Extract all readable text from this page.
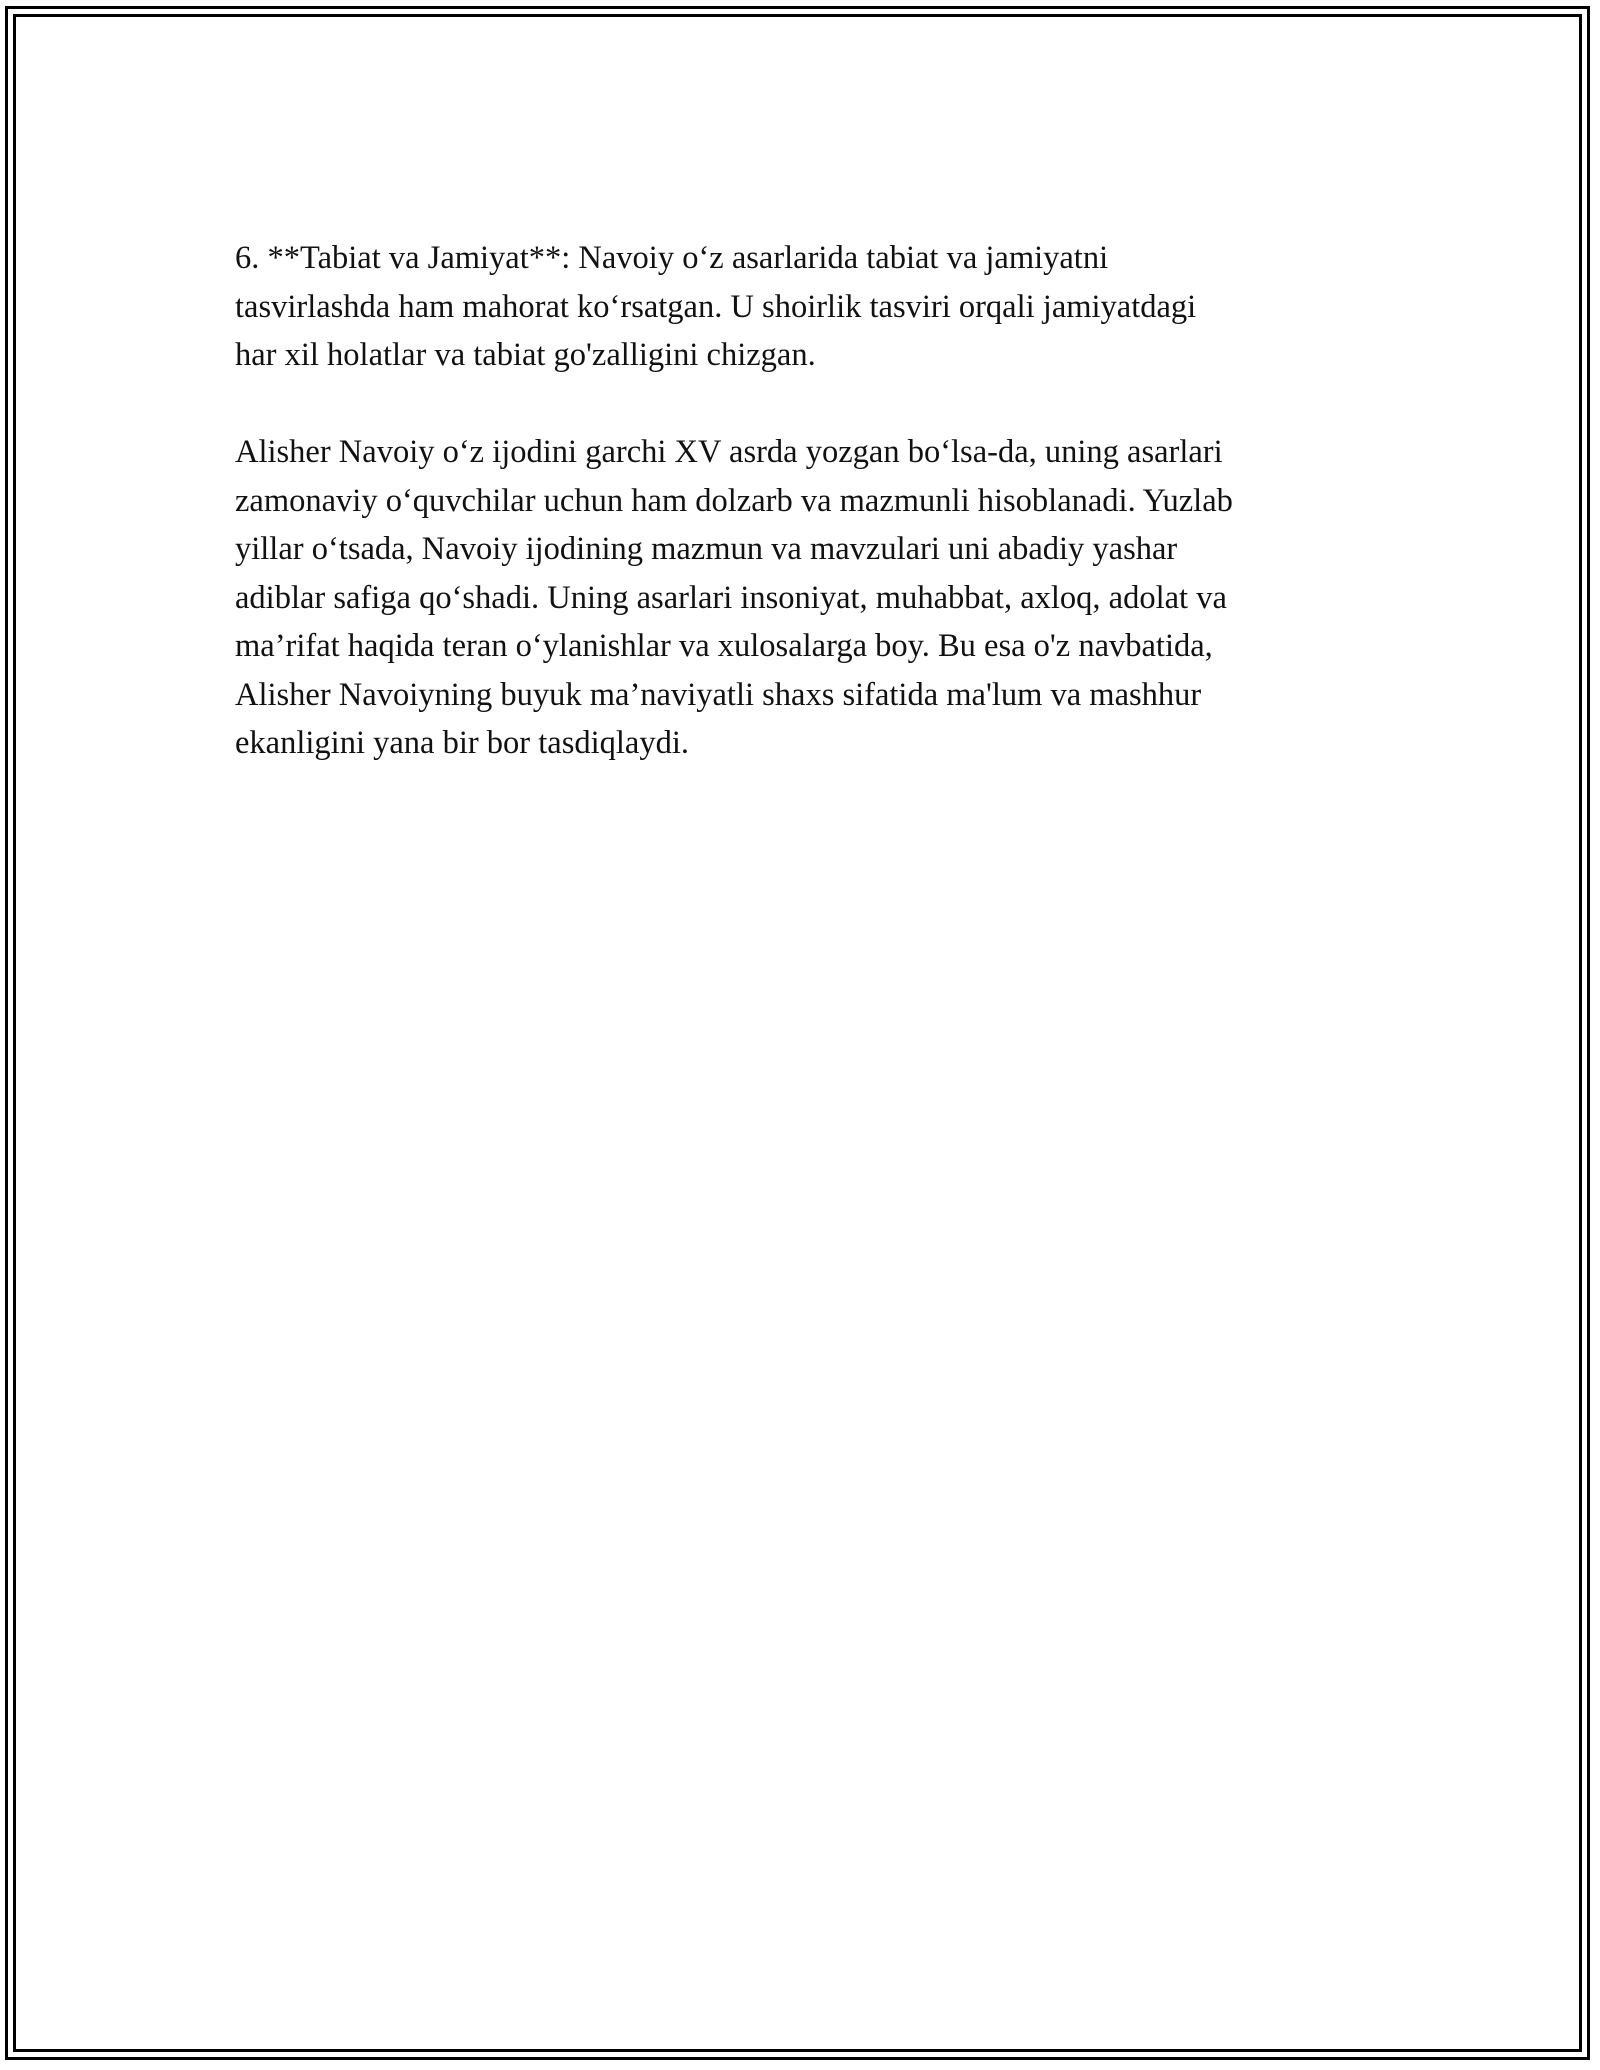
6. **Tabiat va Jamiyat**: Navoiy o‘z asarlarida tabiat va jamiyatni
tasvirlashda ham mahorat ko‘rsatgan. U shoirlik tasviri orqali jamiyatdagi
har xil holatlar va tabiat go'zalligini chizgan.

Alisher Navoiy o‘z ijodini garchi XV asrda yozgan bo‘lsa-da, uning asarlari
zamonaviy o‘quvchilar uchun ham dolzarb va mazmunli hisoblanadi. Yuzlab
yillar o‘tsada, Navoiy ijodining mazmun va mavzulari uni abadiy yashar
adiblar safiga qo‘shadi. Uning asarlari insoniyat, muhabbat, axloq, adolat va
ma’rifat haqida teran o‘ylanishlar va xulosalarga boy. Bu esa o'z navbatida,
Alisher Navoiyning buyuk ma’naviyatli shaxs sifatida ma'lum va mashhur
ekanligini yana bir bor tasdiqlaydi.
